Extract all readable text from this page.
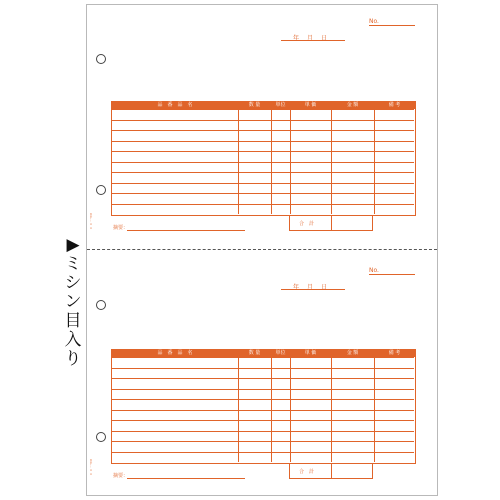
No.
年　月　日
品　番　品　名	数 量	単位	単 価	金 額	備 考
摘要：
合　計
ＢＰ－××
No.
年　月　日
品　番　品　名	数 量	単位	単 価	金 額	備 考
摘要：
合　計
ＢＰ－××
▶
ミ
シ
ン
目
入
り
